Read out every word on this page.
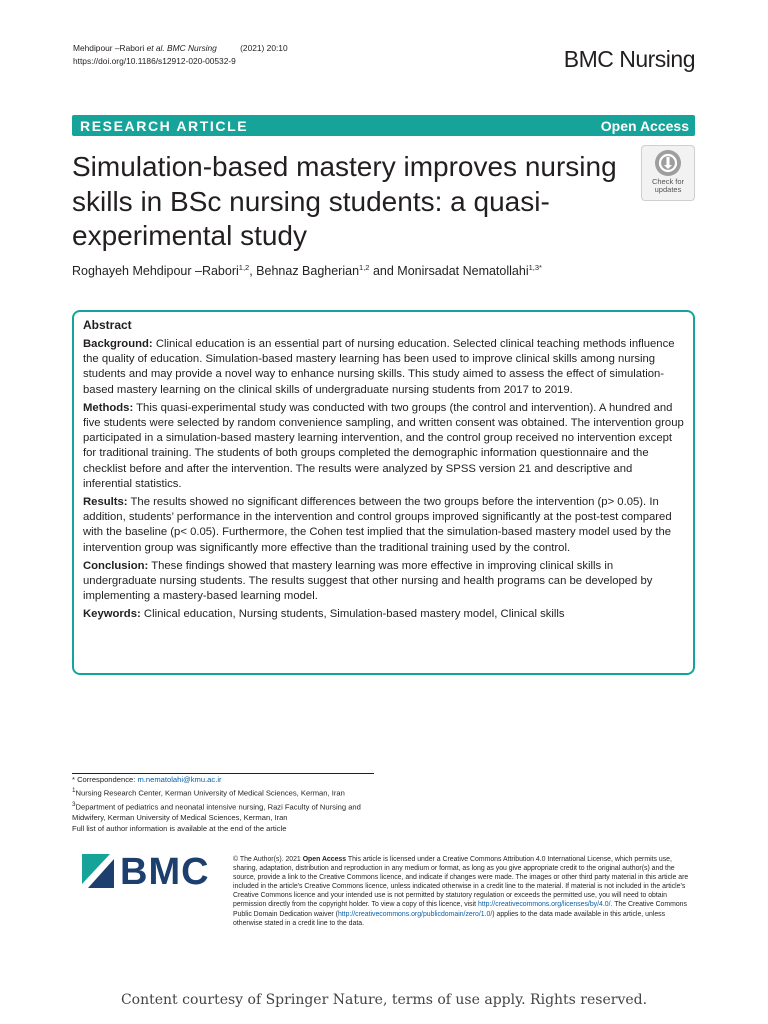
Mehdipour –Rabori et al. BMC Nursing	(2021) 20:10
https://doi.org/10.1186/s12912-020-00532-9	BMC Nursing
RESEARCH ARTICLE	Open Access
Simulation-based mastery improves nursing skills in BSc nursing students: a quasi-experimental study
Check for
updates
Roghayeh Mehdipour –Rabori$^{1,2}$, Behnaz Bagherian$^{1,2}$ and Monirsadat Nematollahi$^{1,3*}$
Abstract

Background: Clinical education is an essential part of nursing education. Selected clinical teaching methods influence the quality of education. Simulation-based mastery learning has been used to improve clinical skills among nursing students and may provide a novel way to enhance nursing skills. This study aimed to assess the effect of simulation-based mastery learning on the clinical skills of undergraduate nursing students from 2017 to 2019.

Methods: This quasi-experimental study was conducted with two groups (the control and intervention). A hundred and five students were selected by random convenience sampling, and written consent was obtained. The intervention group participated in a simulation-based mastery learning intervention, and the control group received no intervention except for traditional training. The students of both groups completed the demographic information questionnaire and the checklist before and after the intervention. The results were analyzed by SPSS version 21 and descriptive and inferential statistics.

Results: The results showed no significant differences between the two groups before the intervention (p> 0.05). In addition, students’ performance in the intervention and control groups improved significantly at the post-test compared with the baseline (p< 0.05). Furthermore, the Cohen test implied that the simulation-based mastery model used by the intervention group was significantly more effective than the traditional training used by the control.

Conclusion: These findings showed that mastery learning was more effective in improving clinical skills in undergraduate nursing students. The results suggest that other nursing and health programs can be developed by implementing a mastery-based learning model.

Keywords: Clinical education, Nursing students, Simulation-based mastery model, Clinical skills

* Correspondence: m.nematolahi@kmu.ac.ir

$^1$Nursing Research Center, Kerman University of Medical Sciences, Kerman, Iran

$^3$Department of pediatrics and neonatal intensive nursing, Razi Faculty of Nursing and Midwifery, Kerman University of Medical Sciences, Kerman, Iran

Full list of author information is available at the end of the article

BMC	© The Author(s). 2021 Open Access This article is licensed under a Creative Commons Attribution 4.0 International License, which permits use, sharing, adaptation, distribution and reproduction in any medium or format, as long as you give appropriate credit to the original author(s) and the source, provide a link to the Creative Commons licence, and indicate if changes were made. The images or other third party material in this article are included in the article's Creative Commons licence, unless indicated otherwise in a credit line to the material. If material is not included in the article's Creative Commons licence and your intended use is not permitted by statutory regulation or exceeds the permitted use, you will need to obtain permission directly from the copyright holder. To view a copy of this licence, visit http://creativecommons.org/licenses/by/4.0/. The Creative Commons Public Domain Dedication waiver (http://creativecommons.org/publicdomain/zero/1.0/) applies to the data made available in this article, unless otherwise stated in a credit line to the data.
Content courtesy of Springer Nature, terms of use apply. Rights reserved.
